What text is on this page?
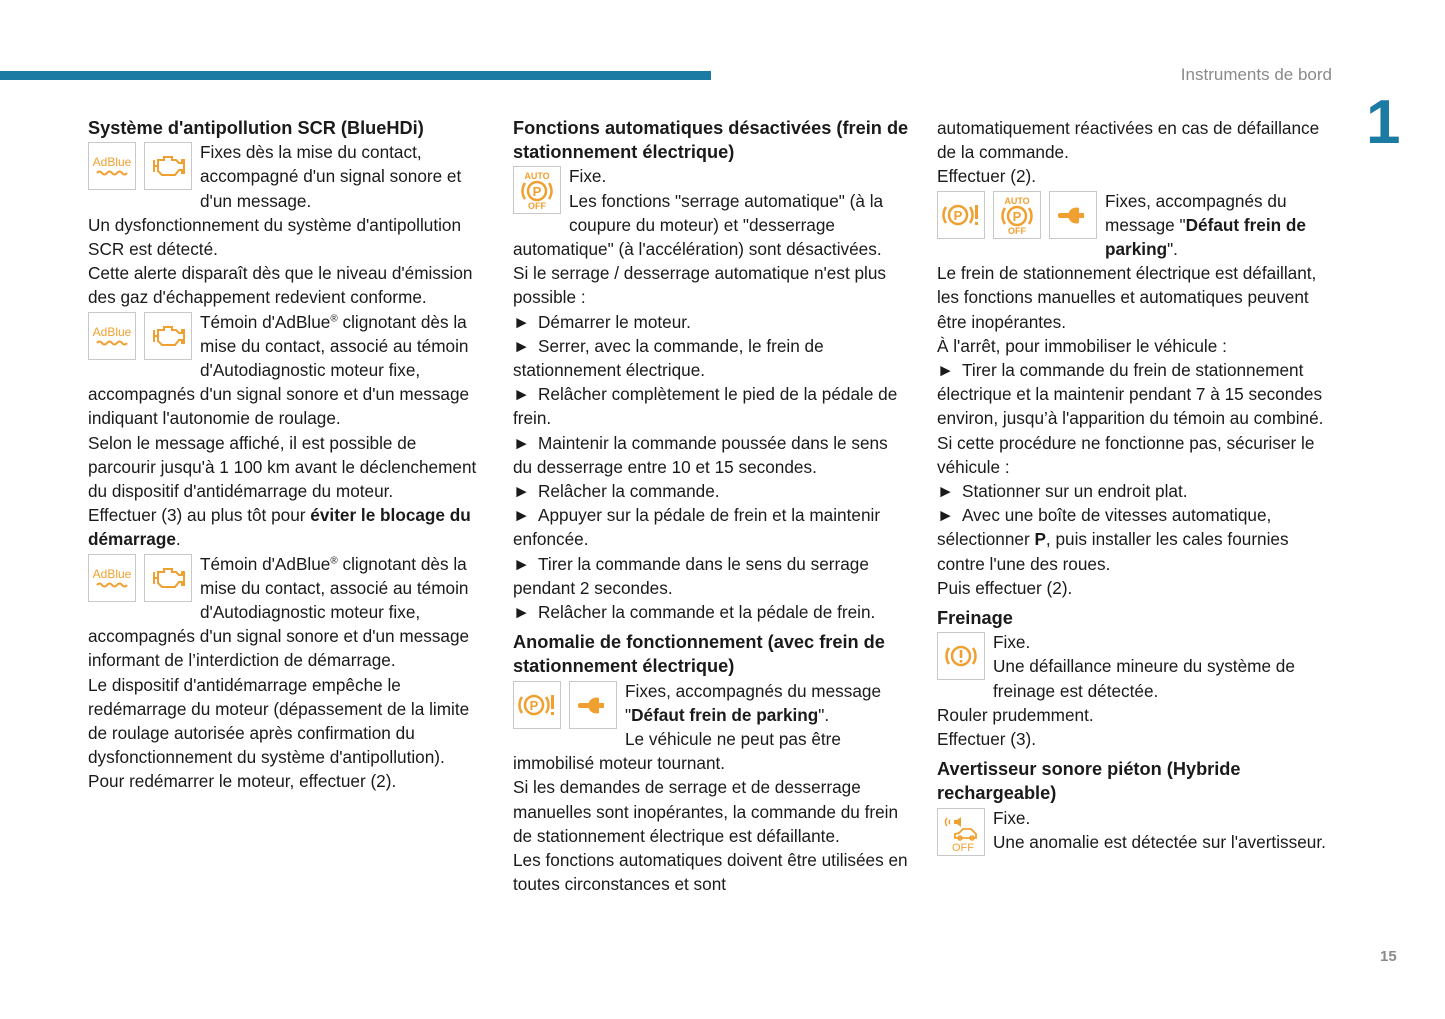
Instruments de bord
1
15
Système d'antipollution SCR (BlueHDi)

AdBlue	Fixes dès la mise du contact, accompagné d'un signal sonore et d'un message.

Un dysfonctionnement du système d'antipollution SCR est détecté.

Cette alerte disparaît dès que le niveau d'émission des gaz d'échappement redevient conforme.

AdBlue	Témoin d'AdBlue® clignotant dès la mise du contact, associé au témoin d'Autodiagnostic moteur fixe, accompagnés d'un signal sonore et d'un message indiquant l'autonomie de roulage.

Selon le message affiché, il est possible de parcourir jusqu'à 1 100 km avant le déclenchement du dispositif d'antidémarrage du moteur.

Effectuer (3) au plus tôt pour éviter le blocage du démarrage.

AdBlue	Témoin d'AdBlue® clignotant dès la mise du contact, associé au témoin d'Autodiagnostic moteur fixe, accompagnés d'un signal sonore et d'un message informant de l’interdiction de démarrage.

Le dispositif d'antidémarrage empêche le redémarrage du moteur (dépassement de la limite de roulage autorisée après confirmation du dysfonctionnement du système d'antipollution).

Pour redémarrer le moteur, effectuer (2).

Fonctions automatiques désactivées (frein de stationnement électrique)

AUTO
P
OFF
Fixe.

Les fonctions "serrage automatique" (à la coupure du moteur) et "desserrage automatique" (à l'accélération) sont désactivées.

Si le serrage / desserrage automatique n'est plus possible :

► Démarrer le moteur.

► Serrer, avec la commande, le frein de stationnement électrique.

► Relâcher complètement le pied de la pédale de frein.

► Maintenir la commande poussée dans le sens du desserrage entre 10 et 15 secondes.

► Relâcher la commande.

► Appuyer sur la pédale de frein et la maintenir enfoncée.

► Tirer la commande dans le sens du serrage pendant 2 secondes.

► Relâcher la commande et la pédale de frein.

Anomalie de fonctionnement (avec frein de stationnement électrique)

P
Fixes, accompagnés du message "Défaut frein de parking".

Le véhicule ne peut pas être immobilisé moteur tournant.

Si les demandes de serrage et de desserrage manuelles sont inopérantes, la commande du frein de stationnement électrique est défaillante.

Les fonctions automatiques doivent être utilisées en toutes circonstances et sont

automatiquement réactivées en cas de défaillance de la commande.

Effectuer (2).

P
AUTO
P
OFF
Fixes, accompagnés du message "Défaut frein de parking".

Le frein de stationnement électrique est défaillant, les fonctions manuelles et automatiques peuvent être inopérantes.

À l'arrêt, pour immobiliser le véhicule :

► Tirer la commande du frein de stationnement électrique et la maintenir pendant 7 à 15 secondes environ, jusqu’à l'apparition du témoin au combiné.

Si cette procédure ne fonctionne pas, sécuriser le véhicule :

► Stationner sur un endroit plat.

► Avec une boîte de vitesses automatique, sélectionner P, puis installer les cales fournies contre l'une des roues.

Puis effectuer (2).

Freinage

Fixe.

Une défaillance mineure du système de freinage est détectée.

Rouler prudemment.

Effectuer (3).

Avertisseur sonore piéton (Hybride rechargeable)

OFF
Fixe.

Une anomalie est détectée sur l'avertisseur.
